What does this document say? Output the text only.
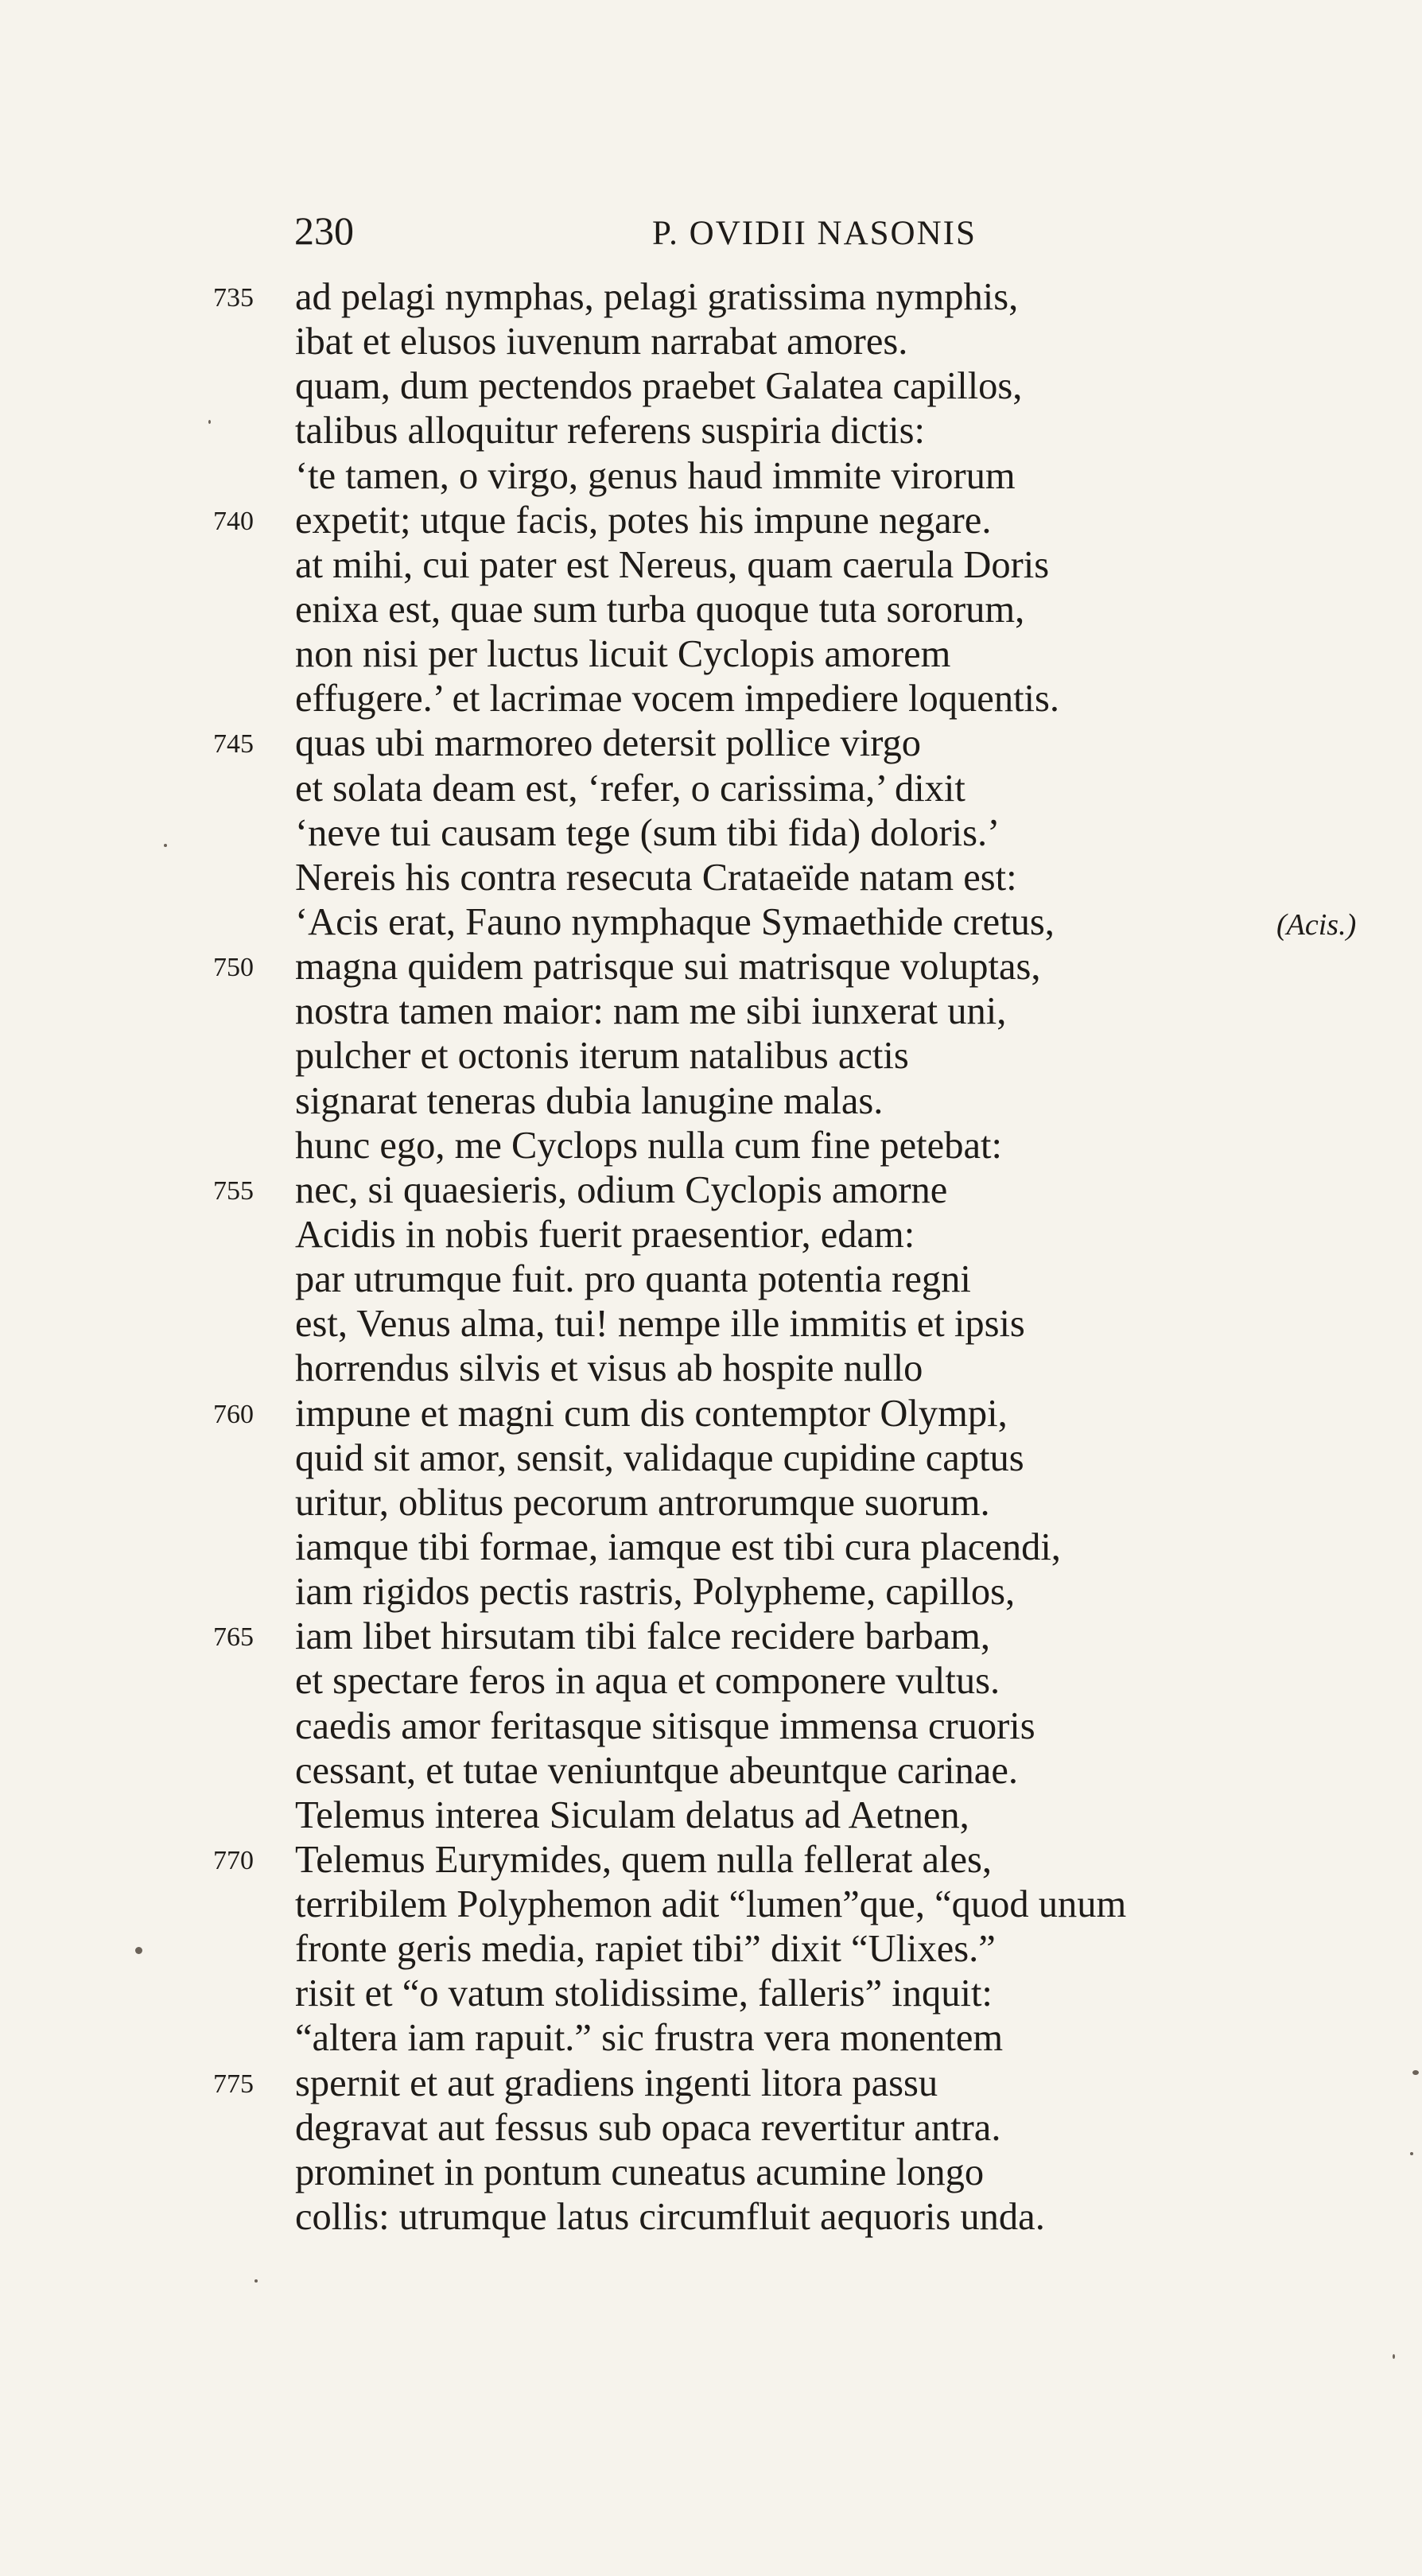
230	P. OVIDII NASONIS
735	ad pelagi nymphas, pelagi gratissima nymphis,
ibat et elusos iuvenum narrabat amores.
quam, dum pectendos praebet Galatea capillos,
talibus alloquitur referens suspiria dictis:
‘te tamen, o virgo, genus haud immite virorum
740	expetit; utque facis, potes his impune negare.
at mihi, cui pater est Nereus, quam caerula Doris
enixa est, quae sum turba quoque tuta sororum,
non nisi per luctus licuit Cyclopis amorem
effugere.’ et lacrimae vocem impediere loquentis.
745	quas ubi marmoreo detersit pollice virgo
et solata deam est, ‘refer, o carissima,’ dixit
‘neve tui causam tege (sum tibi fida) doloris.’
Nereis his contra resecuta Crataeïde natam est:
‘Acis erat, Fauno nymphaque Symaethide cretus,	(Acis.)
750	magna quidem patrisque sui matrisque voluptas,
nostra tamen maior: nam me sibi iunxerat uni,
pulcher et octonis iterum natalibus actis
signarat teneras dubia lanugine malas.
hunc ego, me Cyclops nulla cum fine petebat:
755	nec, si quaesieris, odium Cyclopis amorne
Acidis in nobis fuerit praesentior, edam:
par utrumque fuit. pro quanta potentia regni
est, Venus alma, tui! nempe ille immitis et ipsis
horrendus silvis et visus ab hospite nullo
760	impune et magni cum dis contemptor Olympi,
quid sit amor, sensit, validaque cupidine captus
uritur, oblitus pecorum antrorumque suorum.
iamque tibi formae, iamque est tibi cura placendi,
iam rigidos pectis rastris, Polypheme, capillos,
765	iam libet hirsutam tibi falce recidere barbam,
et spectare feros in aqua et componere vultus.
caedis amor feritasque sitisque immensa cruoris
cessant, et tutae veniuntque abeuntque carinae.
Telemus interea Siculam delatus ad Aetnen,
770	Telemus Eurymides, quem nulla fellerat ales,
terribilem Polyphemon adit “lumen”que, “quod unum
fronte geris media, rapiet tibi” dixit “Ulixes.”
risit et “o vatum stolidissime, falleris” inquit:
“altera iam rapuit.” sic frustra vera monentem
775	spernit et aut gradiens ingenti litora passu
degravat aut fessus sub opaca revertitur antra.
prominet in pontum cuneatus acumine longo
collis: utrumque latus circumfluit aequoris unda.
